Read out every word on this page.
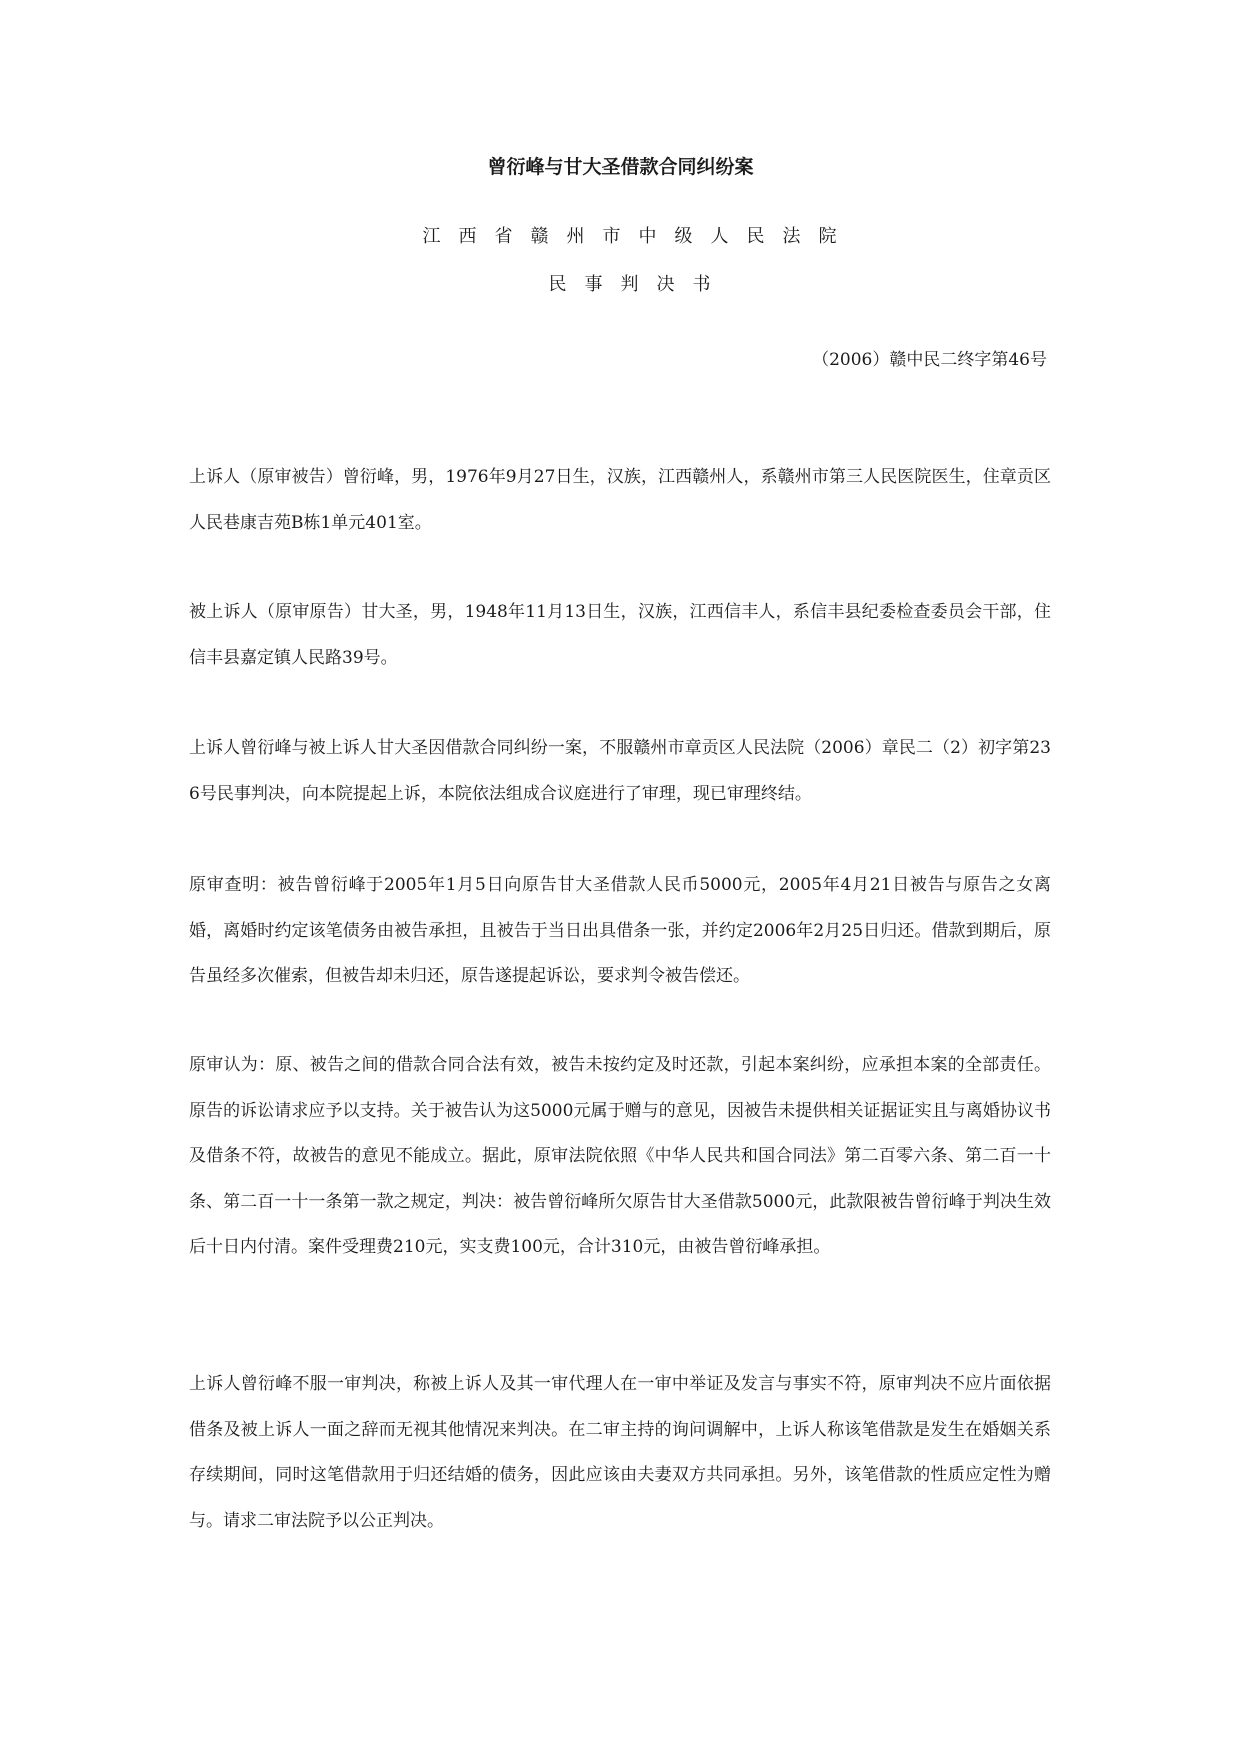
曾衍峰与甘大圣借款合同纠纷案
江西省赣州市中级人民法院
民事判决书
（2006）赣中民二终字第46号
上诉人（原审被告）曾衍峰，男，1976年9月27日生，汉族，江西赣州人，系赣州市第三人民医院医生，住章贡区人民巷康吉苑B栋1单元401室。
被上诉人（原审原告）甘大圣，男，1948年11月13日生，汉族，江西信丰人，系信丰县纪委检查委员会干部，住信丰县嘉定镇人民路39号。
上诉人曾衍峰与被上诉人甘大圣因借款合同纠纷一案，不服赣州市章贡区人民法院（2006）章民二（2）初字第236号民事判决，向本院提起上诉，本院依法组成合议庭进行了审理，现已审理终结。
原审查明：被告曾衍峰于2005年1月5日向原告甘大圣借款人民币5000元，2005年4月21日被告与原告之女离婚，离婚时约定该笔债务由被告承担，且被告于当日出具借条一张，并约定2006年2月25日归还。借款到期后，原告虽经多次催索，但被告却未归还，原告遂提起诉讼，要求判令被告偿还。
原审认为：原、被告之间的借款合同合法有效，被告未按约定及时还款，引起本案纠纷，应承担本案的全部责任。原告的诉讼请求应予以支持。关于被告认为这5000元属于赠与的意见，因被告未提供相关证据证实且与离婚协议书及借条不符，故被告的意见不能成立。据此，原审法院依照《中华人民共和国合同法》第二百零六条、第二百一十条、第二百一十一条第一款之规定，判决：被告曾衍峰所欠原告甘大圣借款5000元，此款限被告曾衍峰于判决生效后十日内付清。案件受理费210元，实支费100元，合计310元，由被告曾衍峰承担。
上诉人曾衍峰不服一审判决，称被上诉人及其一审代理人在一审中举证及发言与事实不符，原审判决不应片面依据借条及被上诉人一面之辞而无视其他情况来判决。在二审主持的询问调解中，上诉人称该笔借款是发生在婚姻关系存续期间，同时这笔借款用于归还结婚的债务，因此应该由夫妻双方共同承担。另外，该笔借款的性质应定性为赠与。请求二审法院予以公正判决。
